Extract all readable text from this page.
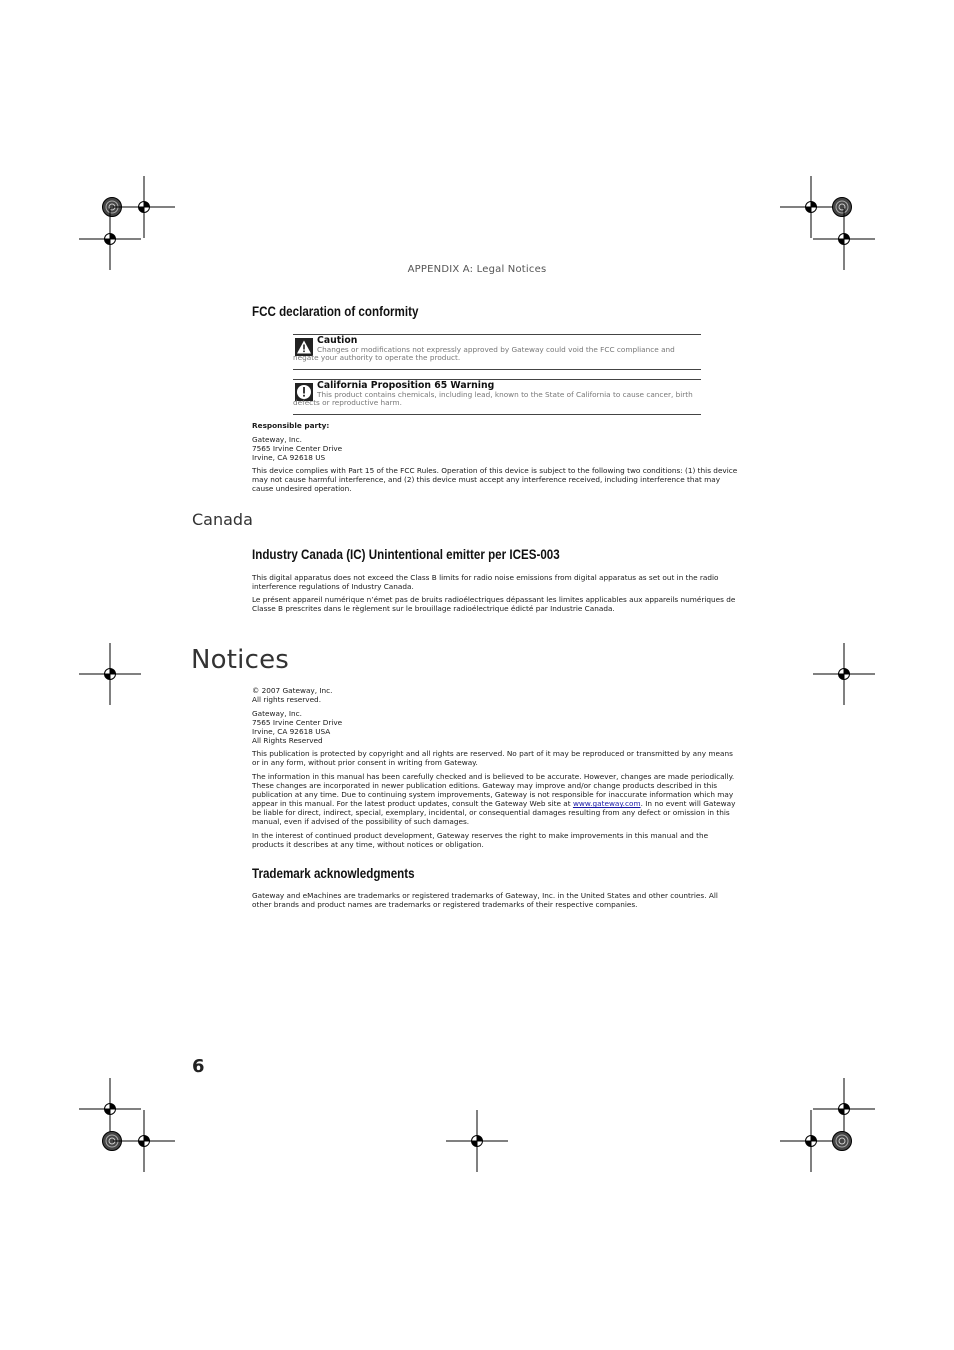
APPENDIX A: Legal Notices
FCC declaration of conformity
Caution
Changes or modifications not expressly approved by Gateway could void the FCC compliance and negate your authority to operate the product.
California Proposition 65 Warning
This product contains chemicals, including lead, known to the State of California to cause cancer, birth defects or reproductive harm.
Responsible party:
Gateway, Inc.
7565 Irvine Center Drive
Irvine, CA 92618 US
This device complies with Part 15 of the FCC Rules. Operation of this device is subject to the following two conditions: (1) this device may not cause harmful interference, and (2) this device must accept any interference received, including interference that may cause undesired operation.
Canada
Industry Canada (IC) Unintentional emitter per ICES-003
This digital apparatus does not exceed the Class B limits for radio noise emissions from digital apparatus as set out in the radio interference regulations of Industry Canada.
Le présent appareil numérique n’émet pas de bruits radioélectriques dépassant les limites applicables aux appareils numériques de Classe B prescrites dans le règlement sur le brouillage radioélectrique édicté par Industrie Canada.
Notices
© 2007 Gateway, Inc.
All rights reserved.
Gateway, Inc.
7565 Irvine Center Drive
Irvine, CA 92618 USA
All Rights Reserved
This publication is protected by copyright and all rights are reserved. No part of it may be reproduced or transmitted by any means or in any form, without prior consent in writing from Gateway.
The information in this manual has been carefully checked and is believed to be accurate. However, changes are made periodically. These changes are incorporated in newer publication editions. Gateway may improve and/or change products described in this publication at any time. Due to continuing system improvements, Gateway is not responsible for inaccurate information which may appear in this manual. For the latest product updates, consult the Gateway Web site at www.gateway.com. In no event will Gateway be liable for direct, indirect, special, exemplary, incidental, or consequential damages resulting from any defect or omission in this manual, even if advised of the possibility of such damages.
In the interest of continued product development, Gateway reserves the right to make improvements in this manual and the products it describes at any time, without notices or obligation.
Trademark acknowledgments
Gateway and eMachines are trademarks or registered trademarks of Gateway, Inc. in the United States and other countries. All other brands and product names are trademarks or registered trademarks of their respective companies.
6
